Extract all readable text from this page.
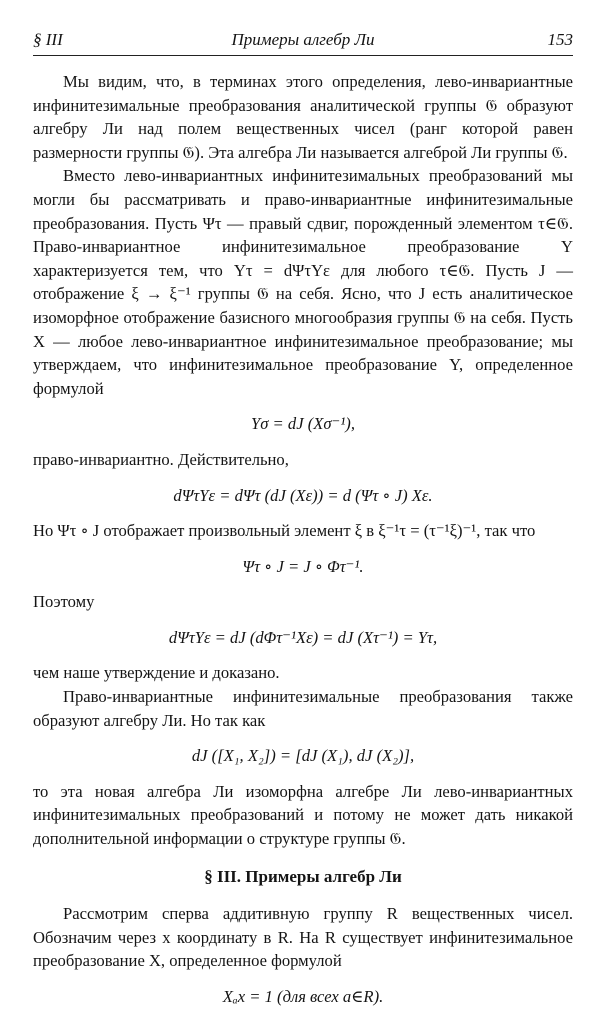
§ III	Примеры алгебр Ли	153

Мы видим, что, в терминах этого определения, лево-инвариантные инфинитезимальные преобразования аналитической группы 𝔊 образуют алгебру Ли над полем вещественных чисел (ранг которой равен размерности группы 𝔊). Эта алгебра Ли называется алгеброй Ли группы 𝔊.

Вместо лево-инвариантных инфинитезимальных преобразований мы могли бы рассматривать и право-инвариантные инфинитезимальные преобразования. Пусть Ψτ — правый сдвиг, порожденный элементом τ∈𝔊. Право-инвариантное инфинитезимальное преобразование Y характеризуется тем, что Yτ = dΨτYε для любого τ∈𝔊. Пусть J — отображение ξ → ξ⁻¹ группы 𝔊 на себя. Ясно, что J есть аналитическое изоморфное отображение базисного многообразия группы 𝔊 на себя. Пусть X — любое лево-инвариантное инфинитезимальное преобразование; мы утверждаем, что инфинитезимальное преобразование Y, определенное формулой

Yσ = dJ (Xσ⁻¹),

право-инвариантно. Действительно,

dΨτYε = dΨτ (dJ (Xε)) = d (Ψτ ∘ J) Xε.

Но Ψτ ∘ J отображает произвольный элемент ξ в ξ⁻¹τ = (τ⁻¹ξ)⁻¹, так что

Ψτ ∘ J = J ∘ Φτ⁻¹.

Поэтому

dΨτYε = dJ (dΦτ⁻¹Xε) = dJ (Xτ⁻¹) = Yτ,

чем наше утверждение и доказано.

Право-инвариантные инфинитезимальные преобразования также образуют алгебру Ли. Но так как

dJ ([X₁, X₂]) = [dJ (X₁), dJ (X₂)],

то эта новая алгебра Ли изоморфна алгебре Ли лево-инвариантных инфинитезимальных преобразований и потому не может дать никакой дополнительной информации о структуре группы 𝔊.

§ III. Примеры алгебр Ли

Рассмотрим сперва аддитивную группу R вещественных чисел. Обозначим через x координату в R. На R существует инфинитезимальное преобразование X, определенное формулой

Xₐx = 1 (для всех a∈R).
